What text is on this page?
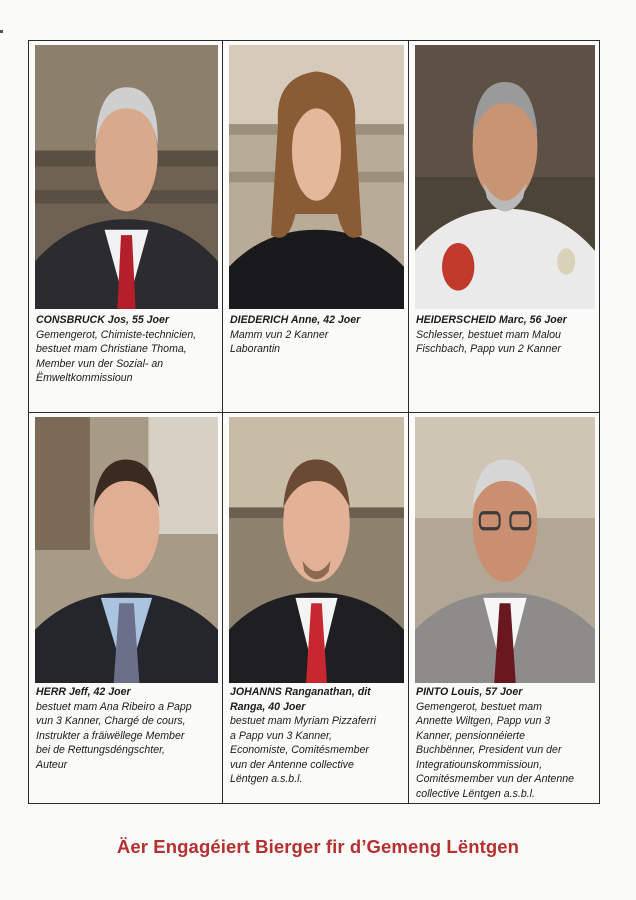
CONSBRUCK Jos, 55 Joer
Gemengerot, Chimiste-technicien,
bestuet mam Christiane Thoma,
Member vun der Sozial- an
Ëmweltkommissioun
DIEDERICH Anne, 42 Joer
Mamm vun 2 Kanner
Laborantin
HEIDERSCHEID Marc, 56 Joer
Schlesser, bestuet mam Malou
Fischbach, Papp vun 2 Kanner
HERR Jeff, 42 Joer
bestuet mam Ana Ribeiro a Papp
vun 3 Kanner, Chargé de cours,
Instrukter a fräiwëllege Member
bei de Rettungsdéngschter,
Auteur
JOHANNS Ranganathan, dit
Ranga, 40 Joer
bestuet mam Myriam Pizzaferri
a Papp vun 3 Kanner,
Economiste, Comitésmember
vun der Antenne collective
Lëntgen a.s.b.l.
PINTO Louis, 57 Joer
Gemengerot, bestuet mam
Annette Wiltgen, Papp vun 3
Kanner, pensionnéierte
Buchbënner, President vun der
Integratiounskommissioun,
Comitésmember vun der Antenne
collective Lëntgen a.s.b.l.
Äer Engagéiert Bierger fir d’Gemeng Lëntgen
